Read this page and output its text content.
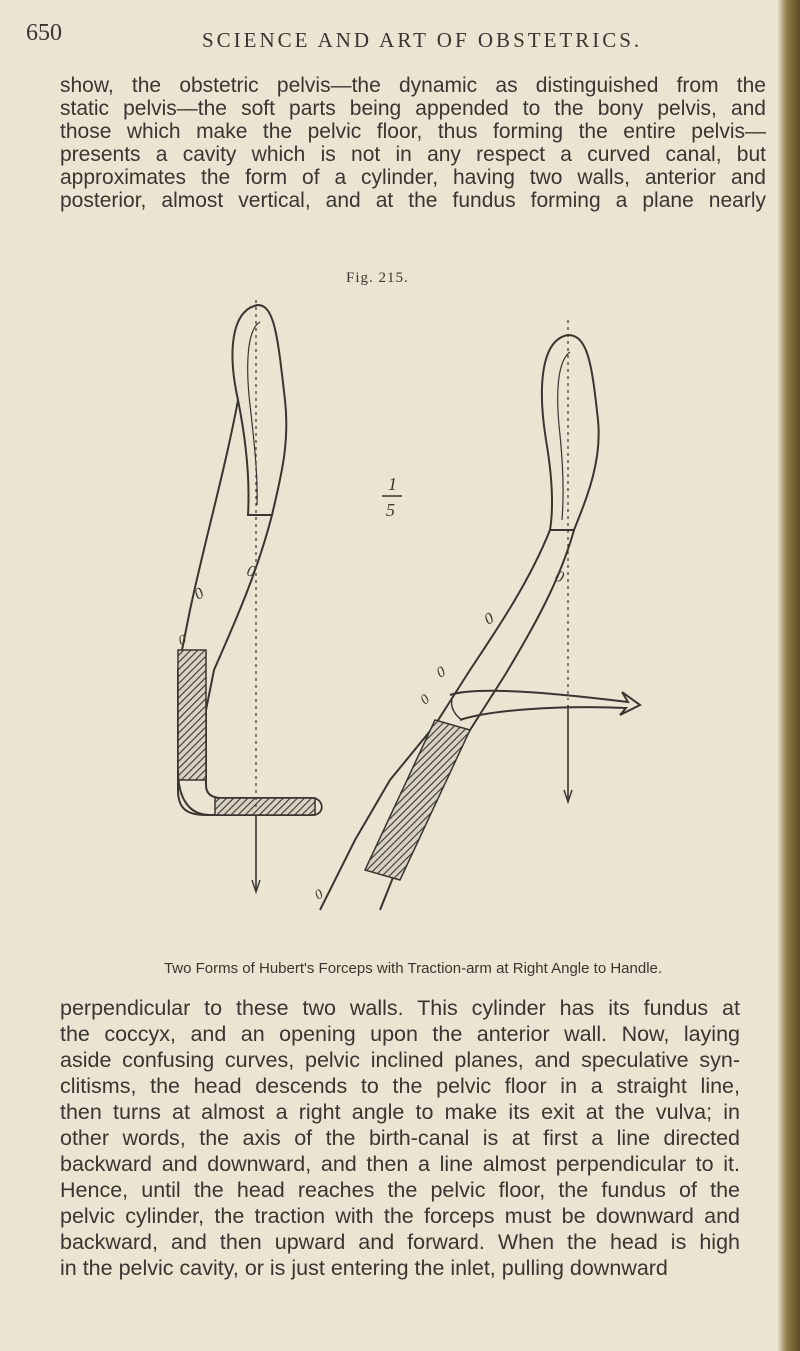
650	SCIENCE AND ART OF OBSTETRICS.
show, the obstetric pelvis—the dynamic as distinguished from the
static pelvis—the soft parts being appended to the bony pelvis, and
those which make the pelvic floor, thus forming the entire pelvis—
presents a cavity which is not in any respect a curved canal, but
approximates the form of a cylinder, having two walls, anterior and
posterior, almost vertical, and at the fundus forming a plane nearly
Fig. 215.
0
0
0
1
5
0
0
0
0
0
Two Forms of Hubert's Forceps with Traction-arm at Right Angle to Handle.
perpendicular to these two walls. This cylinder has its fundus at
the coccyx, and an opening upon the anterior wall. Now, laying
aside confusing curves, pelvic inclined planes, and speculative syn-
clitisms, the head descends to the pelvic floor in a straight line,
then turns at almost a right angle to make its exit at the vulva; in
other words, the axis of the birth-canal is at first a line directed
backward and downward, and then a line almost perpendicular to it.
Hence, until the head reaches the pelvic floor, the fundus of the
pelvic cylinder, the traction with the forceps must be downward and
backward, and then upward and forward. When the head is high
in the pelvic cavity, or is just entering the inlet, pulling downward
